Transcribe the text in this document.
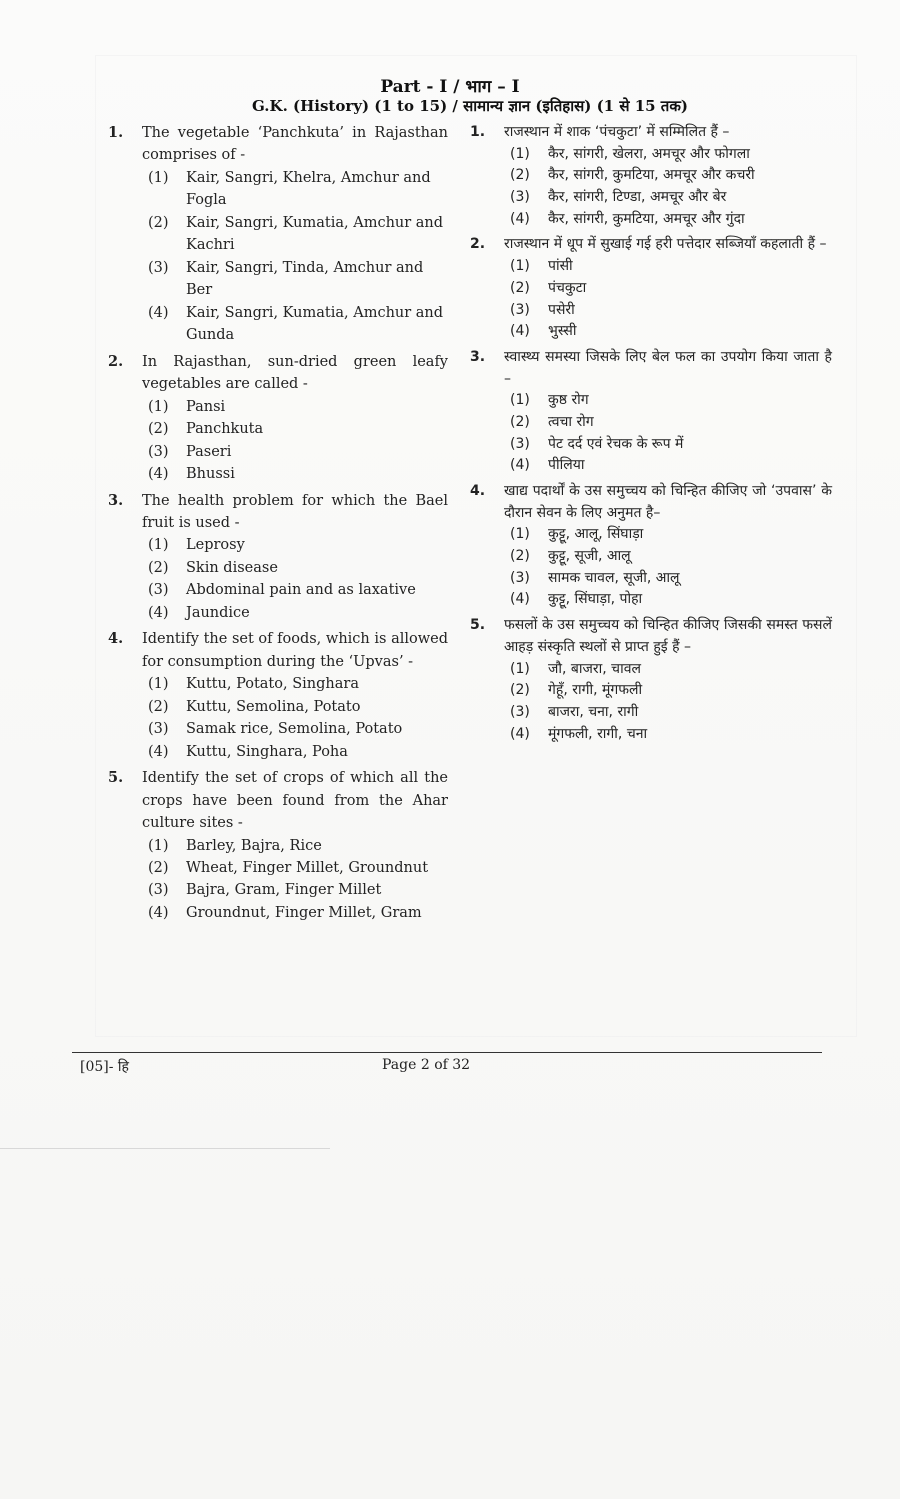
Part - I / भाग – I
G.K. (History) (1 to 15) / सामान्य ज्ञान (इतिहास) (1 से 15 तक)
1.	The vegetable ‘Panchkuta’ in Rajasthan comprises of -
(1)	Kair, Sangri, Khelra, Amchur and Fogla
(2)	Kair, Sangri, Kumatia, Amchur and Kachri
(3)	Kair, Sangri, Tinda, Amchur and Ber
(4)	Kair, Sangri, Kumatia, Amchur and Gunda
2.	In Rajasthan, sun-dried green leafy vegetables are called -
(1)	Pansi
(2)	Panchkuta
(3)	Paseri
(4)	Bhussi
3.	The health problem for which the Bael fruit is used -
(1)	Leprosy
(2)	Skin disease
(3)	Abdominal pain and as laxative
(4)	Jaundice
4.	Identify the set of foods, which is allowed for consumption during the ‘Upvas’ -
(1)	Kuttu, Potato, Singhara
(2)	Kuttu, Semolina, Potato
(3)	Samak rice, Semolina, Potato
(4)	Kuttu, Singhara, Poha
5.	Identify the set of crops of which all the crops have been found from the Ahar culture sites -
(1)	Barley, Bajra, Rice
(2)	Wheat, Finger Millet, Groundnut
(3)	Bajra, Gram, Finger Millet
(4)	Groundnut, Finger Millet, Gram
1.	राजस्थान में शाक ‘पंचकुटा’ में सम्मिलित हैं –
(1)	कैर, सांगरी, खेलरा, अमचूर और फोगला
(2)	कैर, सांगरी, कुमटिया, अमचूर और कचरी
(3)	कैर, सांगरी, टिण्डा, अमचूर और बेर
(4)	कैर, सांगरी, कुमटिया, अमचूर और गुंदा
2.	राजस्थान में धूप में सुखाई गई हरी पत्तेदार सब्जियाँ कहलाती हैं –
(1)	पांसी
(2)	पंचकुटा
(3)	पसेरी
(4)	भुस्सी
3.	स्वास्थ्य समस्या जिसके लिए बेल फल का उपयोग किया जाता है –
(1)	कुष्ठ रोग
(2)	त्वचा रोग
(3)	पेट दर्द एवं रेचक के रूप में
(4)	पीलिया
4.	खाद्य पदार्थों के उस समुच्चय को चिन्हित कीजिए जो ‘उपवास’ के दौरान सेवन के लिए अनुमत है–
(1)	कुट्टू, आलू, सिंघाड़ा
(2)	कुट्टू, सूजी, आलू
(3)	सामक चावल, सूजी, आलू
(4)	कुट्टू, सिंघाड़ा, पोहा
5.	फसलों के उस समुच्चय को चिन्हित कीजिए जिसकी समस्त फसलें आहड़ संस्कृति स्थलों से प्राप्त हुई हैं –
(1)	जौ, बाजरा, चावल
(2)	गेहूँ, रागी, मूंगफली
(3)	बाजरा, चना, रागी
(4)	मूंगफली, रागी, चना
[05]- हि	Page 2 of 32
